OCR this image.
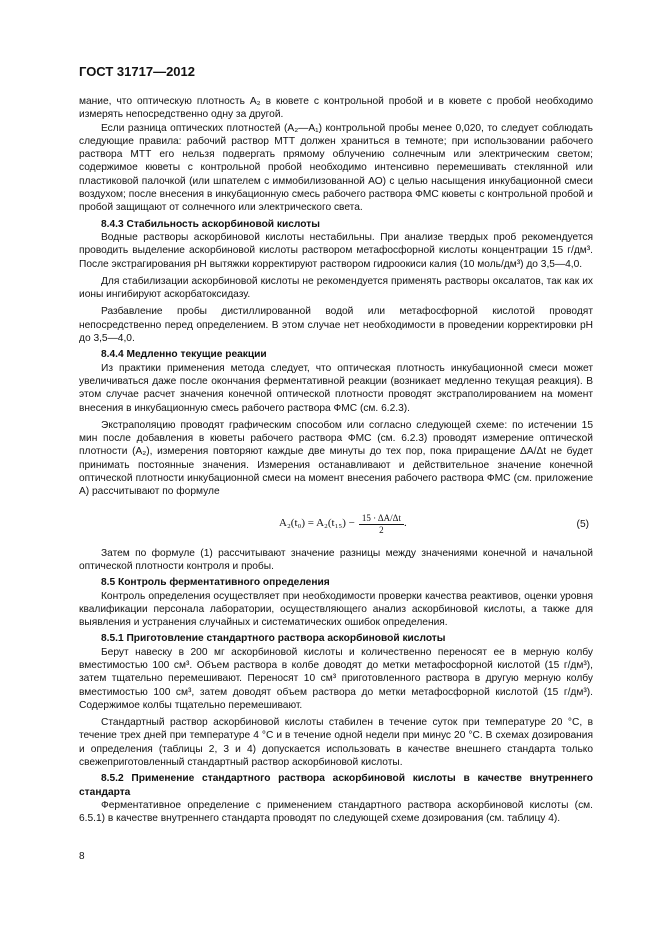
ГОСТ 31717—2012

мание, что оптическую плотность A₂ в кювете с контрольной пробой и в кювете с пробой необходимо измерять непосредственно одну за другой.

Если разница оптических плотностей (A₂—A₁) контрольной пробы менее 0,020, то следует соблюдать следующие правила: рабочий раствор МТТ должен храниться в темноте; при использовании рабочего раствора МТТ его нельзя подвергать прямому облучению солнечным или электрическим светом; содержимое кюветы с контрольной пробой необходимо интенсивно перемешивать стеклянной или пластиковой палочкой (или шпателем с иммобилизованной АО) с целью насыщения инкубационной смеси воздухом; после внесения в инкубационную смесь рабочего раствора ФМС кюветы с контрольной пробой и пробой защищают от солнечного или электрического света.

8.4.3 Стабильность аскорбиновой кислоты

Водные растворы аскорбиновой кислоты нестабильны. При анализе твердых проб рекомендуется проводить выделение аскорбиновой кислоты раствором метафосфорной кислоты концентрации 15 г/дм³. После экстрагирования pH вытяжки корректируют раствором гидроокиси калия (10 моль/дм³) до 3,5—4,0.

Для стабилизации аскорбиновой кислоты не рекомендуется применять растворы оксалатов, так как их ионы ингибируют аскорбатоксидазу.

Разбавление пробы дистиллированной водой или метафосфорной кислотой проводят непосредственно перед определением. В этом случае нет необходимости в проведении корректировки pH до 3,5—4,0.

8.4.4 Медленно текущие реакции

Из практики применения метода следует, что оптическая плотность инкубационной смеси может увеличиваться даже после окончания ферментативной реакции (возникает медленно текущая реакция). В этом случае расчет значения конечной оптической плотности проводят экстраполированием на момент внесения в инкубационную смесь рабочего раствора ФМС (см. 6.2.3).

Экстраполяцию проводят графическим способом или согласно следующей схеме: по истечении 15 мин после добавления в кюветы рабочего раствора ФМС (см. 6.2.3) проводят измерение оптической плотности (A₂), измерения повторяют каждые две минуты до тех пор, пока приращение ΔA/Δt не будет принимать постоянные значения. Измерения останавливают и действительное значение конечной оптической плотности инкубационной смеси на момент внесения рабочего раствора ФМС (см. приложение А) рассчитывают по формуле

$A_2(t_0) = A_2(t_{15}) - \frac{15 \cdot \Delta A/\Delta t}{2}$ .	(5)

Затем по формуле (1) рассчитывают значение разницы между значениями конечной и начальной оптической плотности контроля и пробы.

8.5 Контроль ферментативного определения

Контроль определения осуществляет при необходимости проверки качества реактивов, оценки уровня квалификации персонала лаборатории, осуществляющего анализ аскорбиновой кислоты, а также для выявления и устранения случайных и систематических ошибок определения.

8.5.1 Приготовление стандартного раствора аскорбиновой кислоты

Берут навеску в 200 мг аскорбиновой кислоты и количественно переносят ее в мерную колбу вместимостью 100 см³. Объем раствора в колбе доводят до метки метафосфорной кислотой (15 г/дм³), затем тщательно перемешивают. Переносят 10 см³ приготовленного раствора в другую мерную колбу вместимостью 100 см³, затем доводят объем раствора до метки метафосфорной кислотой (15 г/дм³). Содержимое колбы тщательно перемешивают.

Стандартный раствор аскорбиновой кислоты стабилен в течение суток при температуре 20 °С, в течение трех дней при температуре 4 °С и в течение одной недели при минус 20 °С. В схемах дозирования и определения (таблицы 2, 3 и 4) допускается использовать в качестве внешнего стандарта только свежеприготовленный стандартный раствор аскорбиновой кислоты.

8.5.2 Применение стандартного раствора аскорбиновой кислоты в качестве внутреннего стандарта

Ферментативное определение с применением стандартного раствора аскорбиновой кислоты (см. 6.5.1) в качестве внутреннего стандарта проводят по следующей схеме дозирования (см. таблицу 4).

8
